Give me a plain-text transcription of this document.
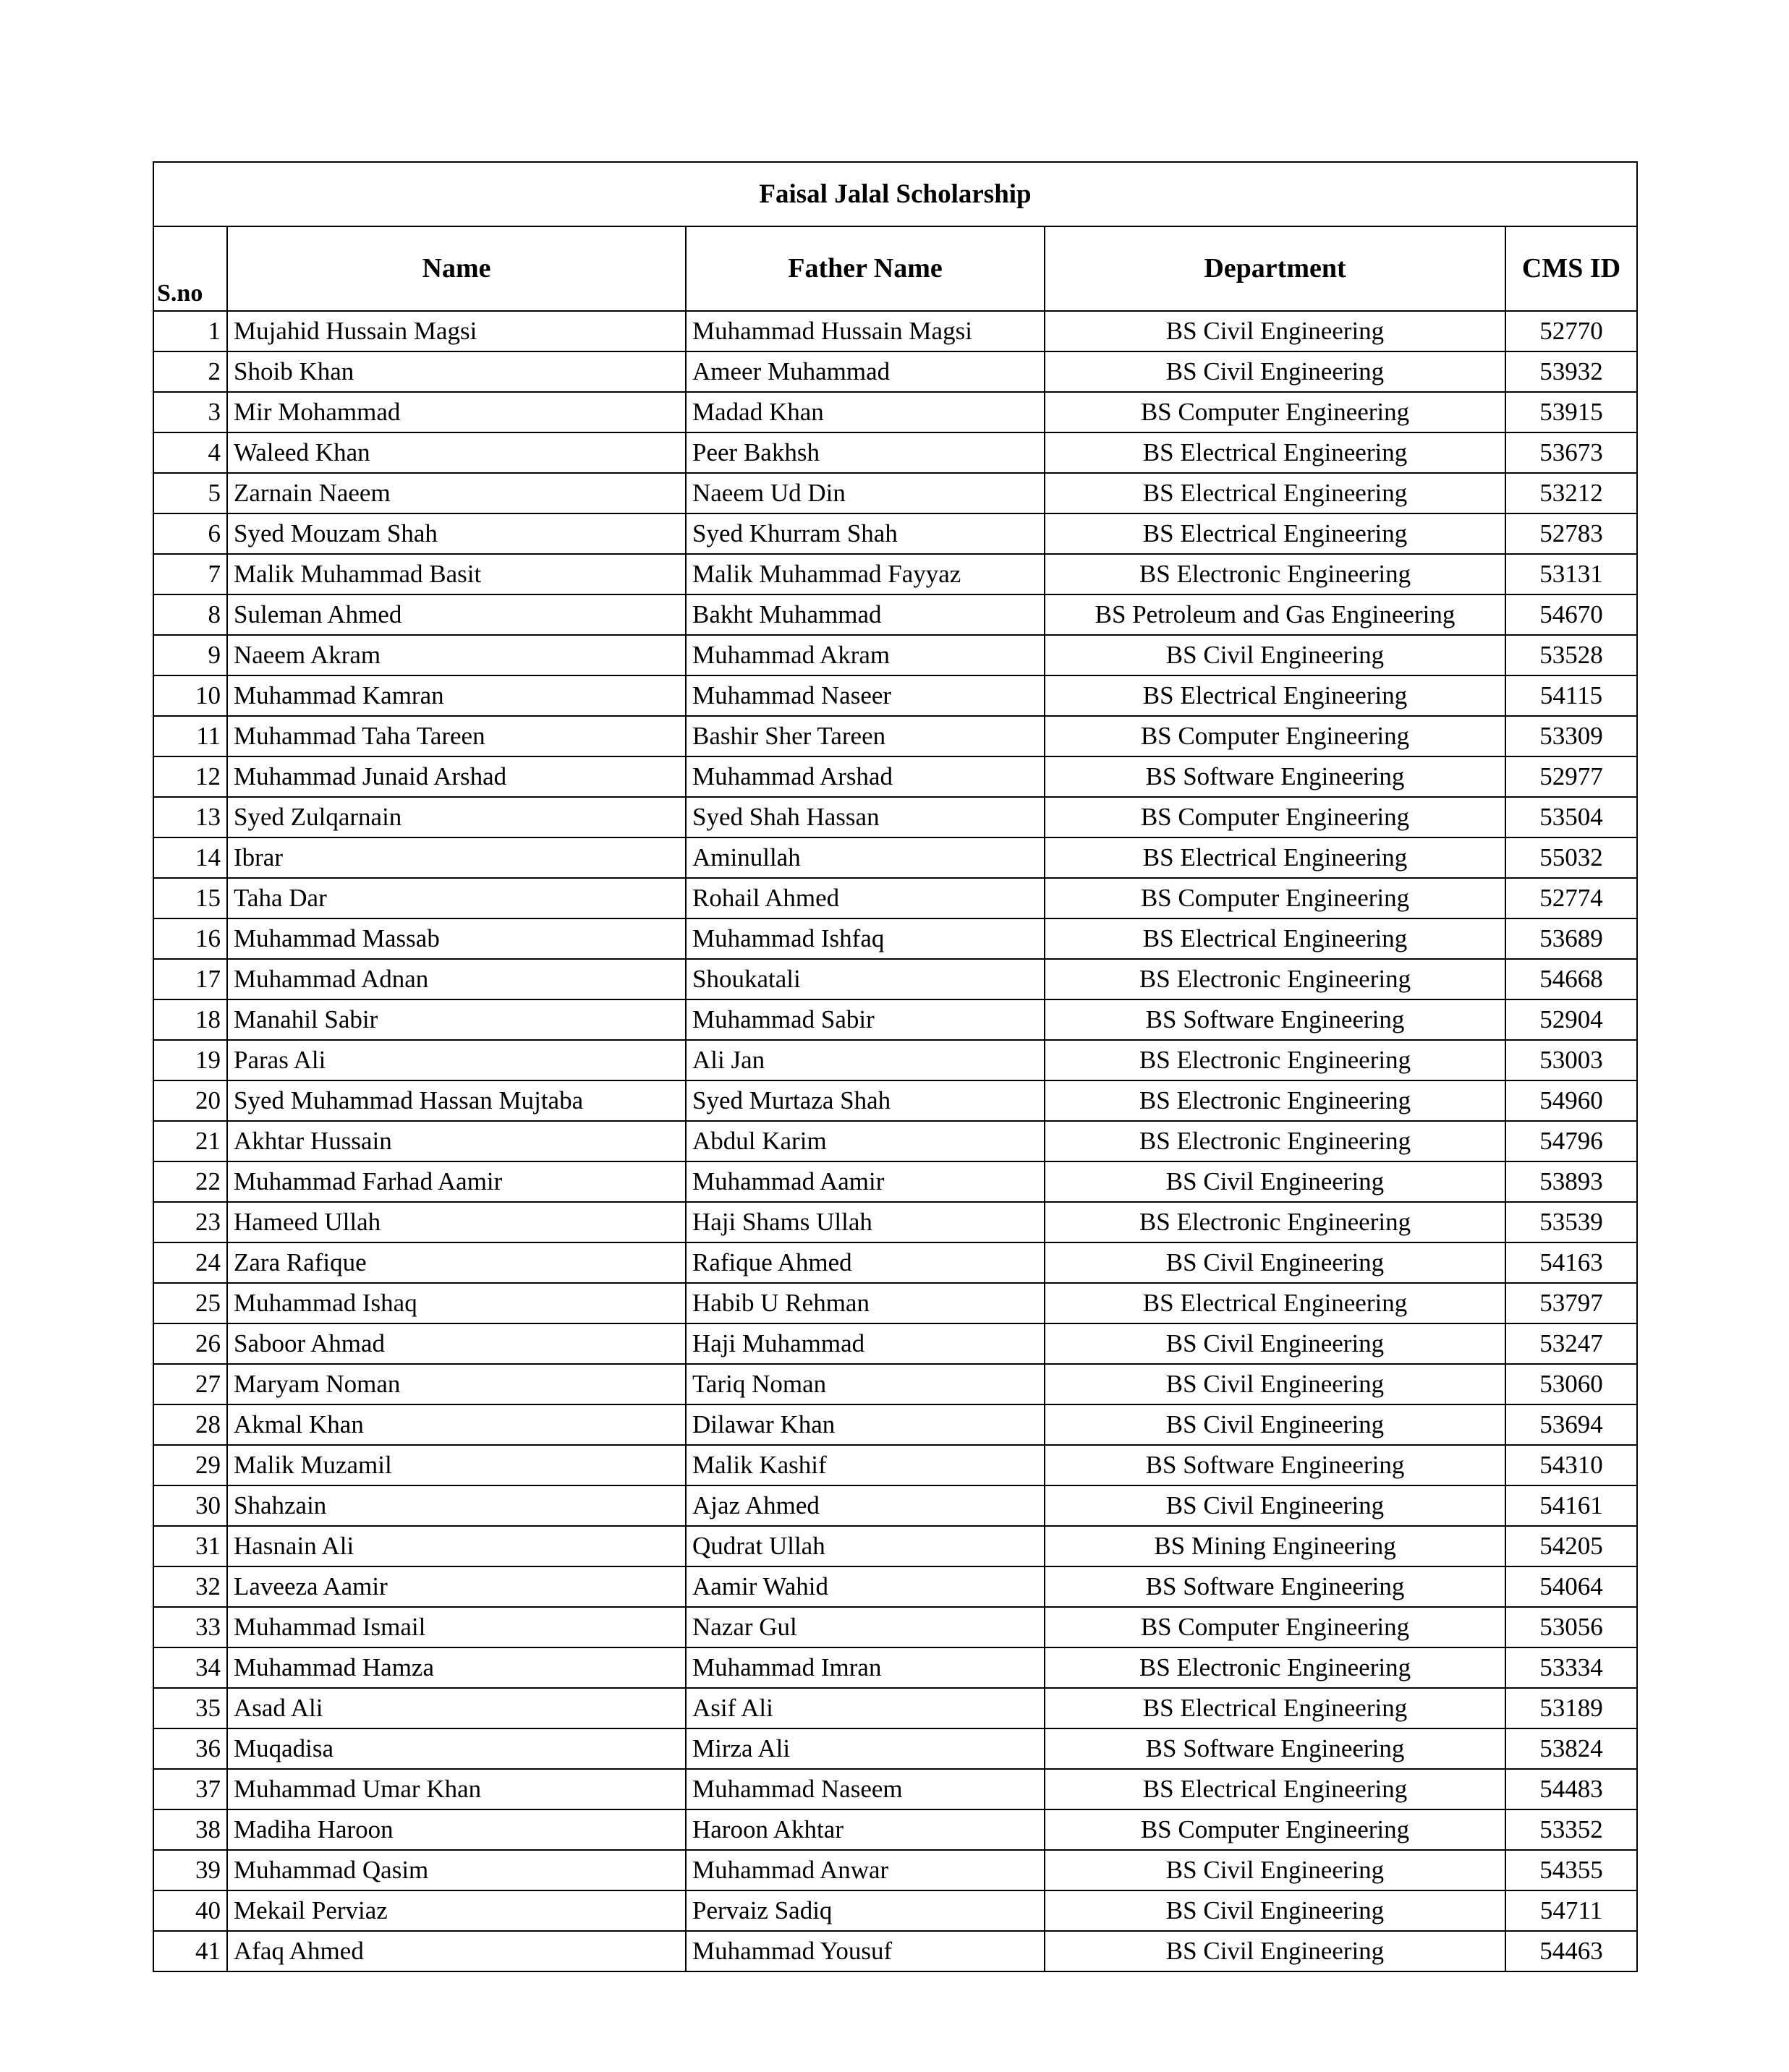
Faisal Jalal Scholarship				
S.no	Name	Father Name	Department	CMS ID
1	Mujahid Hussain Magsi	Muhammad Hussain Magsi	BS Civil Engineering	52770
2	Shoib Khan	Ameer Muhammad	BS Civil Engineering	53932
3	Mir Mohammad	Madad Khan	BS Computer Engineering	53915
4	Waleed Khan	Peer Bakhsh	BS Electrical Engineering	53673
5	Zarnain Naeem	Naeem Ud Din	BS Electrical Engineering	53212
6	Syed Mouzam Shah	Syed Khurram Shah	BS Electrical Engineering	52783
7	Malik Muhammad Basit	Malik Muhammad Fayyaz	BS Electronic Engineering	53131
8	Suleman Ahmed	Bakht Muhammad	BS Petroleum and Gas Engineering	54670
9	Naeem Akram	Muhammad Akram	BS Civil Engineering	53528
10	Muhammad Kamran	Muhammad Naseer	BS Electrical Engineering	54115
11	Muhammad Taha Tareen	Bashir Sher Tareen	BS Computer Engineering	53309
12	Muhammad Junaid Arshad	Muhammad Arshad	BS Software Engineering	52977
13	Syed Zulqarnain	Syed Shah Hassan	BS Computer Engineering	53504
14	Ibrar	Aminullah	BS Electrical Engineering	55032
15	Taha Dar	Rohail Ahmed	BS Computer Engineering	52774
16	Muhammad Massab	Muhammad Ishfaq	BS Electrical Engineering	53689
17	Muhammad Adnan	Shoukatali	BS Electronic Engineering	54668
18	Manahil Sabir	Muhammad Sabir	BS Software Engineering	52904
19	Paras Ali	Ali Jan	BS Electronic Engineering	53003
20	Syed Muhammad Hassan Mujtaba	Syed Murtaza Shah	BS Electronic Engineering	54960
21	Akhtar Hussain	Abdul Karim	BS Electronic Engineering	54796
22	Muhammad Farhad Aamir	Muhammad Aamir	BS Civil Engineering	53893
23	Hameed Ullah	Haji Shams Ullah	BS Electronic Engineering	53539
24	Zara Rafique	Rafique Ahmed	BS Civil Engineering	54163
25	Muhammad Ishaq	Habib U Rehman	BS Electrical Engineering	53797
26	Saboor Ahmad	Haji Muhammad	BS Civil Engineering	53247
27	Maryam Noman	Tariq Noman	BS Civil Engineering	53060
28	Akmal Khan	Dilawar Khan	BS Civil Engineering	53694
29	Malik Muzamil	Malik Kashif	BS Software Engineering	54310
30	Shahzain	Ajaz Ahmed	BS Civil Engineering	54161
31	Hasnain Ali	Qudrat Ullah	BS Mining Engineering	54205
32	Laveeza Aamir	Aamir Wahid	BS Software Engineering	54064
33	Muhammad Ismail	Nazar Gul	BS Computer Engineering	53056
34	Muhammad Hamza	Muhammad Imran	BS Electronic Engineering	53334
35	Asad Ali	Asif Ali	BS Electrical Engineering	53189
36	Muqadisa	Mirza Ali	BS Software Engineering	53824
37	Muhammad Umar Khan	Muhammad Naseem	BS Electrical Engineering	54483
38	Madiha Haroon	Haroon Akhtar	BS Computer Engineering	53352
39	Muhammad Qasim	Muhammad Anwar	BS Civil Engineering	54355
40	Mekail Perviaz	Pervaiz Sadiq	BS Civil Engineering	54711
41	Afaq Ahmed	Muhammad Yousuf	BS Civil Engineering	54463
